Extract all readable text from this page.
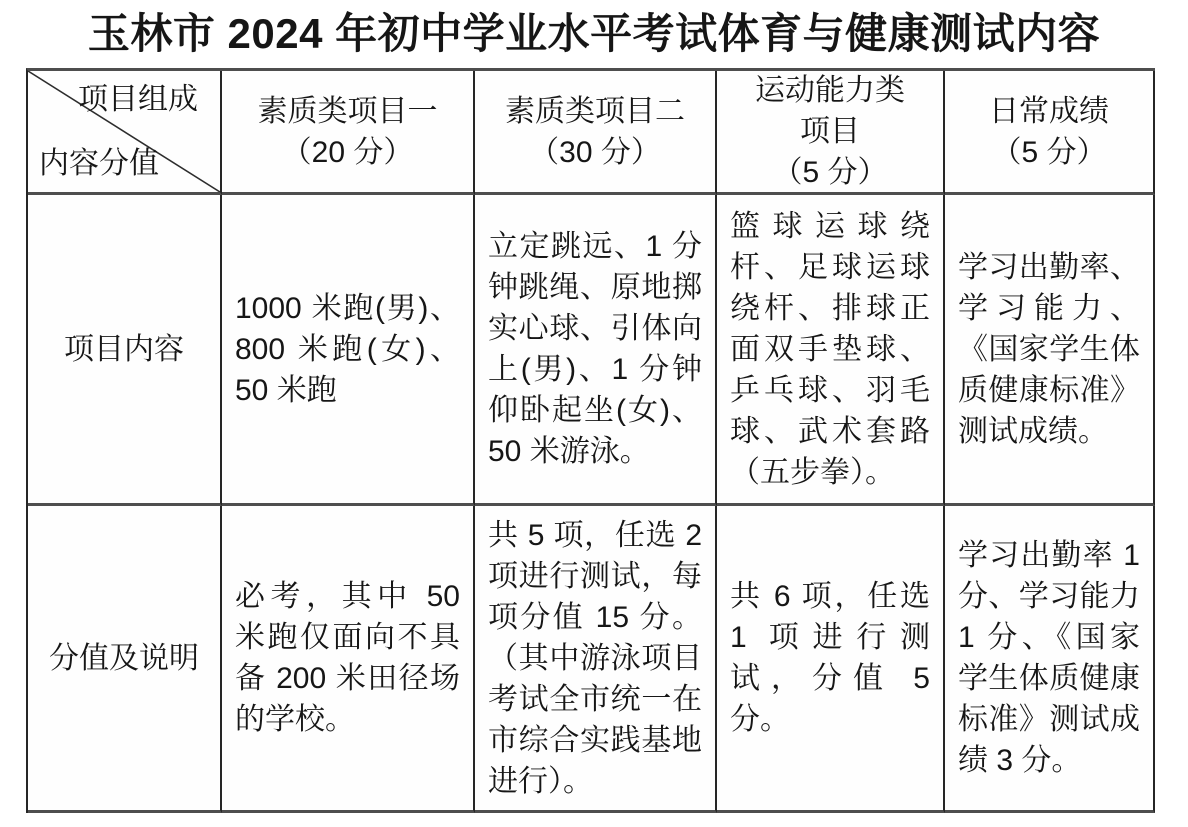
玉林市 2024 年初中学业水平考试体育与健康测试内容
项目组成
内容分值
素质类项目一
（20 分）
素质类项目二
（30 分）
运动能力类
项目
（5 分）
日常成绩
（5 分）
项目内容
1000 米跑(男)、800 米跑(女)、50 米跑
立定跳远、1 分钟跳绳、原地掷实心球、引体向上(男)、1 分钟仰卧起坐(女)、50 米游泳。
篮球运球绕杆、足球运球绕杆、排球正面双手垫球、乒乓球、羽毛球、武术套路（五步拳）。
学习出勤率、学习能力、《国家学生体质健康标准》测试成绩。
分值及说明
必考，其中 50 米跑仅面向不具备 200 米田径场的学校。
共 5 项，任选 2 项进行测试，每项分值 15 分。（其中游泳项目考试全市统一在市综合实践基地进行）。
共 6 项，任选 1 项进行测试，分值 5 分。
学习出勤率 1 分、学习能力 1 分、《国家学生体质健康标准》测试成绩 3 分。
